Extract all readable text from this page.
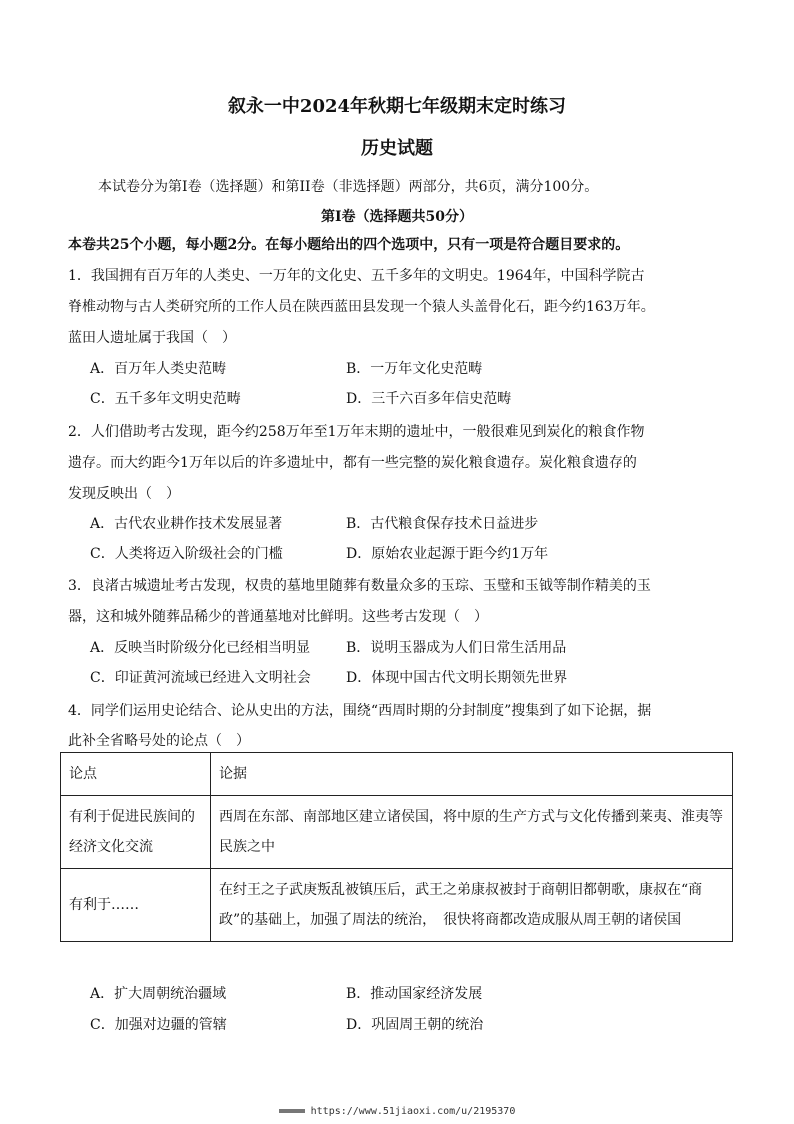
叙永一中2024年秋期七年级期末定时练习
历史试题
本试卷分为第I卷（选择题）和第II卷（非选择题）两部分，共6页，满分100分。
第I卷（选择题共50分）
本卷共25个小题，每小题2分。在每小题给出的四个选项中，只有一项是符合题目要求的。
1．我国拥有百万年的人类史、一万年的文化史、五千多年的文明史。1964年，中国科学院古
脊椎动物与古人类研究所的工作人员在陕西蓝田县发现一个猿人头盖骨化石，距今约163万年。
蓝田人遗址属于我国（　）
A．百万年人类史范畴	B．一万年文化史范畴
C．五千多年文明史范畴	D．三千六百多年信史范畴
2．人们借助考古发现，距今约258万年至1万年末期的遗址中，一般很难见到炭化的粮食作物
遗存。而大约距今1万年以后的许多遗址中，都有一些完整的炭化粮食遗存。炭化粮食遗存的
发现反映出（　）
A．古代农业耕作技术发展显著	B．古代粮食保存技术日益进步
C．人类将迈入阶级社会的门槛	D．原始农业起源于距今约1万年
3．良渚古城遗址考古发现，权贵的墓地里随葬有数量众多的玉琮、玉璧和玉钺等制作精美的玉
器，这和城外随葬品稀少的普通墓地对比鲜明。这些考古发现（　）
A．反映当时阶级分化已经相当明显	B．说明玉器成为人们日常生活用品
C．印证黄河流域已经进入文明社会	D．体现中国古代文明长期领先世界
4．同学们运用史论结合、论从史出的方法，围绕“西周时期的分封制度”搜集到了如下论据，据
此补全省略号处的论点（　）
论点	论据
有利于促进民族间的经济文化交流	西周在东部、南部地区建立诸侯国，将中原的生产方式与文化传播到莱夷、淮夷等民族之中
有利于……	在纣王之子武庚叛乱被镇压后，武王之弟康叔被封于商朝旧都朝歌，康叔在“商政”的基础上，加强了周法的统治，　很快将商都改造成服从周王朝的诸侯国
A．扩大周朝统治疆域	B．推动国家经济发展
C．加强对边疆的管辖	D．巩固周王朝的统治
https://www.51jiaoxi.com/u/2195370
